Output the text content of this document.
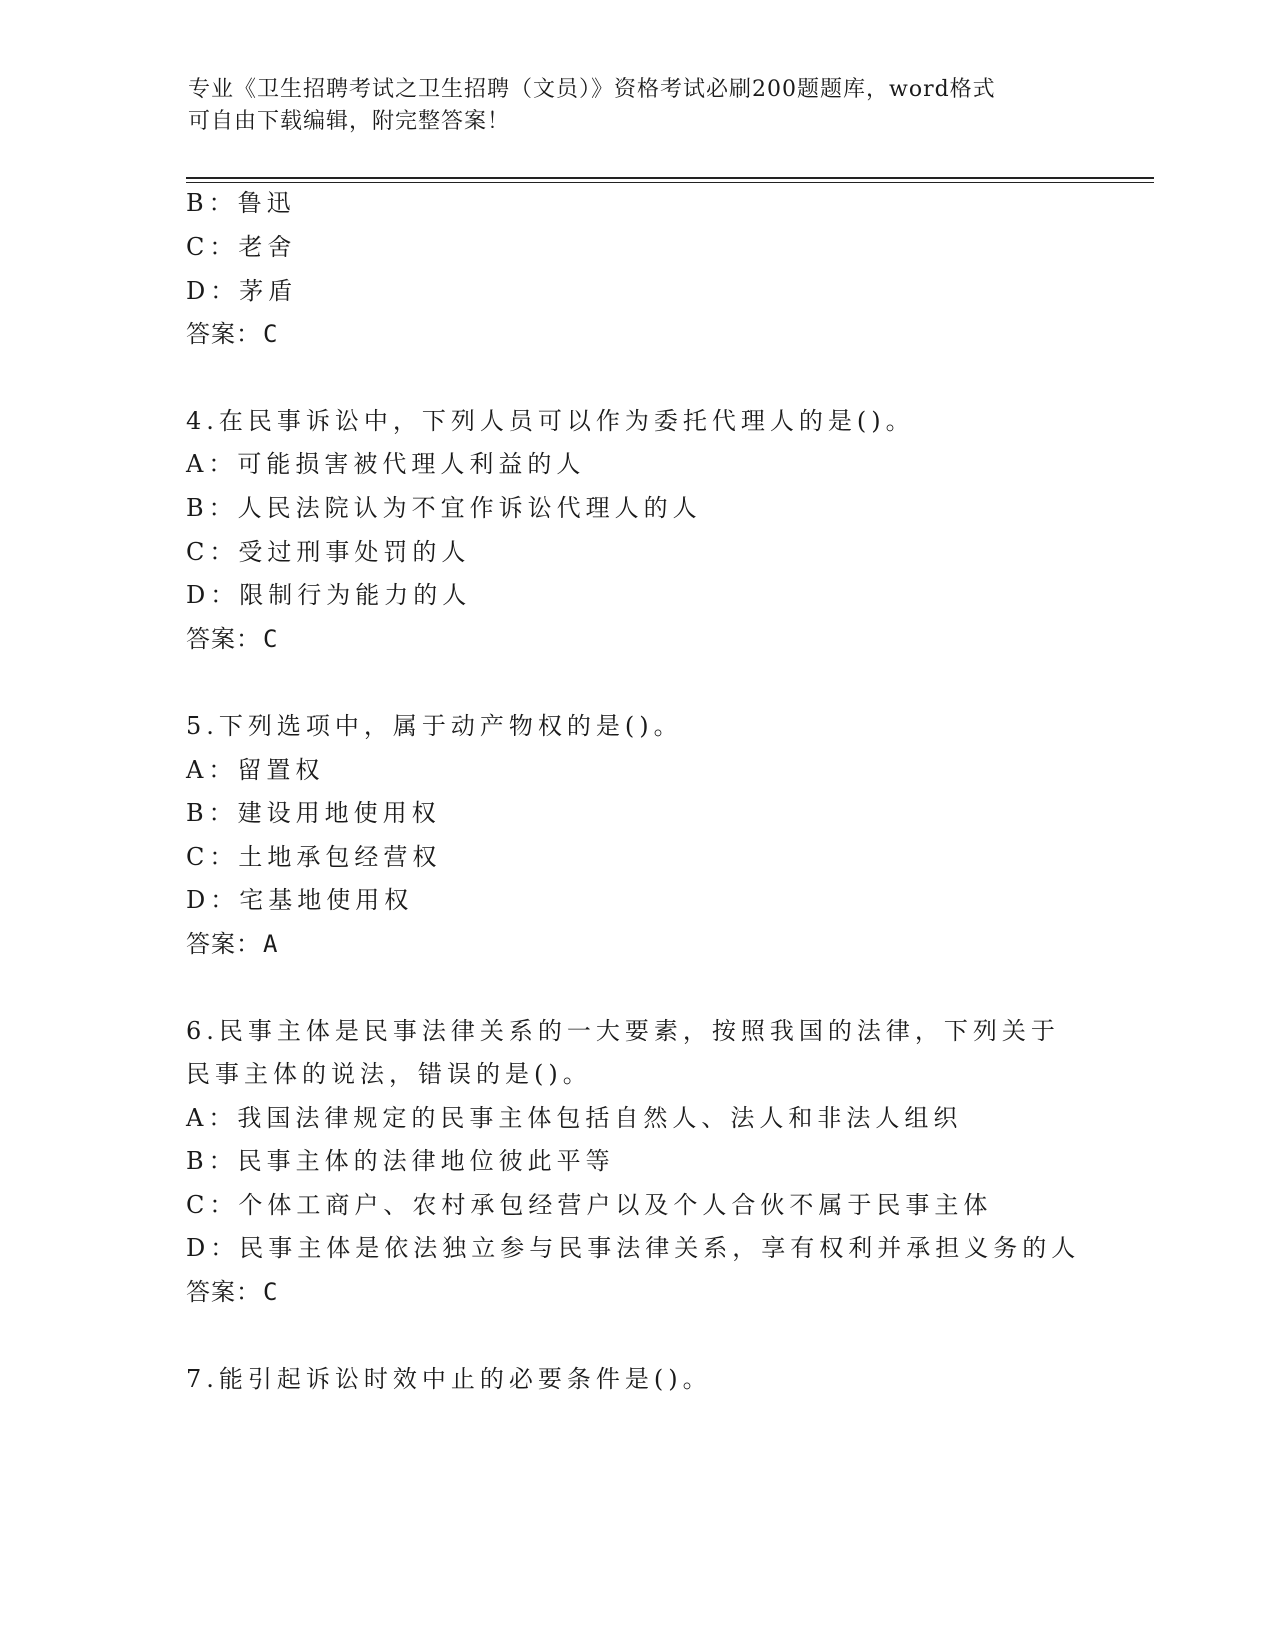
专业《卫生招聘考试之卫生招聘（文员）》资格考试必刷200题题库，word格式
可自由下载编辑，附完整答案！
B：鲁迅
C：老舍
D：茅盾
答案：C
4.在民事诉讼中，下列人员可以作为委托代理人的是()。
A：可能损害被代理人利益的人
B：人民法院认为不宜作诉讼代理人的人
C：受过刑事处罚的人
D：限制行为能力的人
答案：C
5.下列选项中，属于动产物权的是()。
A：留置权
B：建设用地使用权
C：土地承包经营权
D：宅基地使用权
答案：A
6.民事主体是民事法律关系的一大要素，按照我国的法律，下列关于
民事主体的说法，错误的是()。
A：我国法律规定的民事主体包括自然人、法人和非法人组织
B：民事主体的法律地位彼此平等
C：个体工商户、农村承包经营户以及个人合伙不属于民事主体
D：民事主体是依法独立参与民事法律关系，享有权利并承担义务的人
答案：C
7.能引起诉讼时效中止的必要条件是()。
